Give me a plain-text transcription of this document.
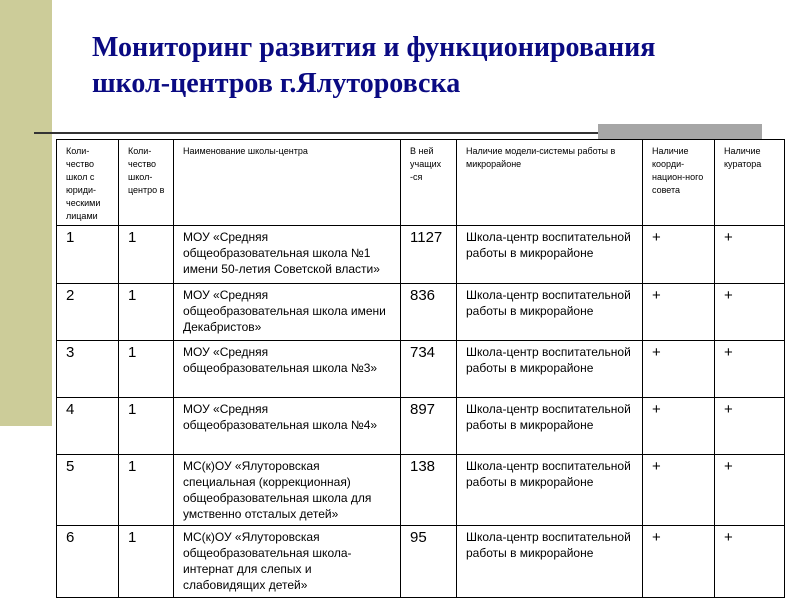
Мониторинг развития и функционирования
школ-центров г.Ялуторовска
Коли-чество школ с юриди-ческими лицами	Коли-чество школ-центро в	Наименование школы-центра	В ней учащих -ся	Наличие модели-системы работы в микрорайоне	Наличие коорди-национ-ного совета	Наличие куратора
1	1	МОУ «Средняя общеобразовательная школа №1 имени 50-летия Советской власти»	1127	Школа-центр воспитательной работы в микрорайоне	+	+
2	1	МОУ «Средняя общеобразовательная школа имени Декабристов»	836	Школа-центр воспитательной работы в микрорайоне	+	+
3	1	МОУ «Средняя общеобразовательная школа №3»	734	Школа-центр воспитательной работы в микрорайоне	+	+
4	1	МОУ «Средняя общеобразовательная школа №4»	897	Школа-центр воспитательной работы в микрорайоне	+	+
5	1	МС(к)ОУ «Ялуторовская специальная (коррекционная) общеобразовательная школа для умственно отсталых детей»	138	Школа-центр воспитательной работы в микрорайоне	+	+
6	1	МС(к)ОУ «Ялуторовская общеобразовательная школа-интернат для слепых и слабовидящих детей»	95	Школа-центр воспитательной работы в микрорайоне	+	+
